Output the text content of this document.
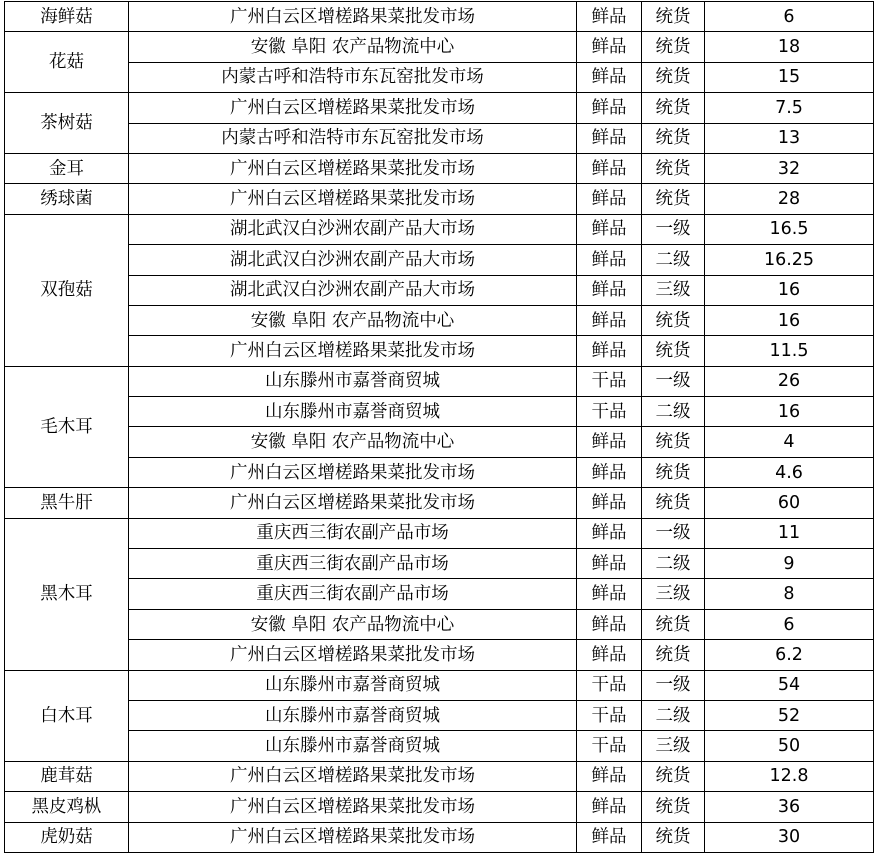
海鲜菇	广州白云区增槎路果菜批发市场	鲜品	统货	6
花菇	安徽 阜阳 农产品物流中心	鲜品	统货	18
	内蒙古呼和浩特市东瓦窑批发市场	鲜品	统货	15
茶树菇	广州白云区增槎路果菜批发市场	鲜品	统货	7.5
	内蒙古呼和浩特市东瓦窑批发市场	鲜品	统货	13
金耳	广州白云区增槎路果菜批发市场	鲜品	统货	32
绣球菌	广州白云区增槎路果菜批发市场	鲜品	统货	28
双孢菇	湖北武汉白沙洲农副产品大市场	鲜品	一级	16.5
	湖北武汉白沙洲农副产品大市场	鲜品	二级	16.25
	湖北武汉白沙洲农副产品大市场	鲜品	三级	16
	安徽 阜阳 农产品物流中心	鲜品	统货	16
	广州白云区增槎路果菜批发市场	鲜品	统货	11.5
毛木耳	山东滕州市嘉誉商贸城	干品	一级	26
	山东滕州市嘉誉商贸城	干品	二级	16
	安徽 阜阳 农产品物流中心	鲜品	统货	4
	广州白云区增槎路果菜批发市场	鲜品	统货	4.6
黑牛肝	广州白云区增槎路果菜批发市场	鲜品	统货	60
黑木耳	重庆西三街农副产品市场	鲜品	一级	11
	重庆西三街农副产品市场	鲜品	二级	9
	重庆西三街农副产品市场	鲜品	三级	8
	安徽 阜阳 农产品物流中心	鲜品	统货	6
	广州白云区增槎路果菜批发市场	鲜品	统货	6.2
白木耳	山东滕州市嘉誉商贸城	干品	一级	54
	山东滕州市嘉誉商贸城	干品	二级	52
	山东滕州市嘉誉商贸城	干品	三级	50
鹿茸菇	广州白云区增槎路果菜批发市场	鲜品	统货	12.8
黑皮鸡枞	广州白云区增槎路果菜批发市场	鲜品	统货	36
虎奶菇	广州白云区增槎路果菜批发市场	鲜品	统货	30
